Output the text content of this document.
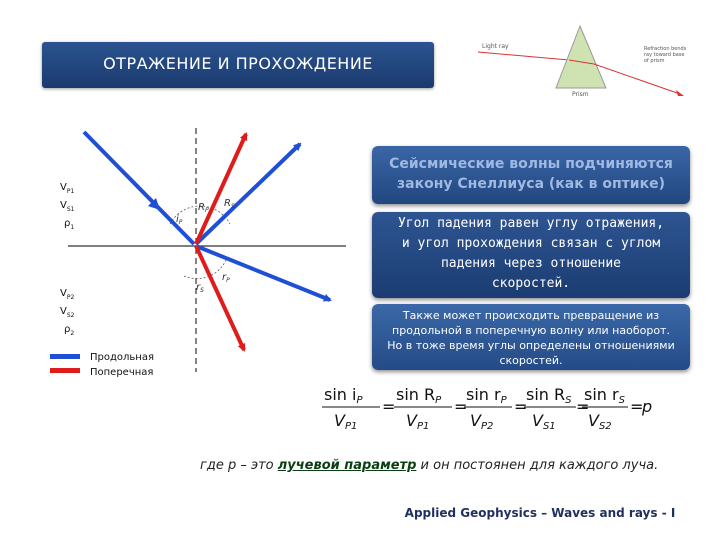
ОТРАЖЕНИЕ И ПРОХОЖДЕНИЕ
Light ray
Prism
Refraction bends
ray toward base
of prism
$V_{P1}$
$V_{S1}$
$\rho_1$
$V_{P2}$
$V_{S2}$
$\rho_2$
$i_P$
$R_P$
$R_S$
$r_S$
$r_P$
Продольная
Поперечная
Сейсмические волны подчиняются
закону Снеллиуса (как в оптике)
Угол падения равен углу отражения,
и угол прохождения связан с углом
падения через отношение
скоростей.
Также может происходить превращение из
продольной в поперечную волну или наоборот.
Но в тоже время углы определены отношениями
скоростей.
sin iP
VP1
=
sin RP
VP1
=
sin rP
VP2
=
sin RS
VS1
=
sin rS
VS2
=
p
где p – это лучевой параметр и он постоянен для каждого луча.
Applied Geophysics – Waves and rays - I
